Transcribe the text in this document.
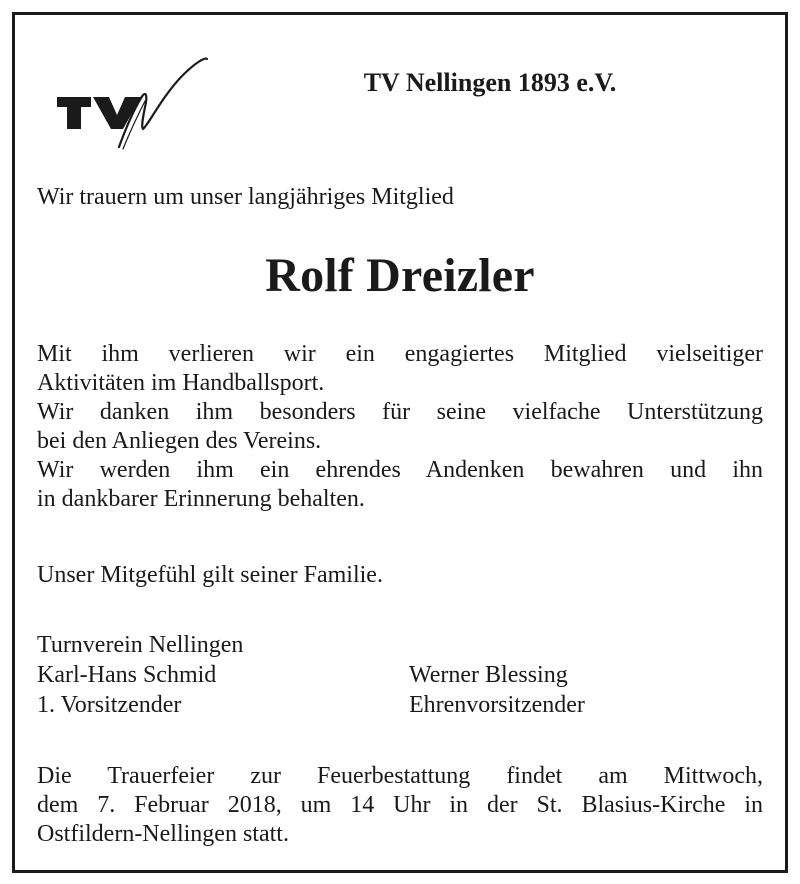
TV Nellingen 1893 e.V.
Wir trauern um unser langjähriges Mitglied
Rolf Dreizler
Mit ihm verlieren wir ein engagiertes Mitglied vielseitiger
Aktivitäten im Handballsport.
Wir danken ihm besonders für seine vielfache Unterstützung
bei den Anliegen des Vereins.
Wir werden ihm ein ehrendes Andenken bewahren und ihn
in dankbarer Erinnerung behalten.
Unser Mitgefühl gilt seiner Familie.
Turnverein Nellingen
Karl-Hans Schmid
1. Vorsitzender
Werner Blessing
Ehrenvorsitzender
Die Trauerfeier zur Feuerbestattung findet am Mittwoch,
dem 7. Februar 2018, um 14 Uhr in der St. Blasius-Kirche in
Ostfildern-Nellingen statt.
